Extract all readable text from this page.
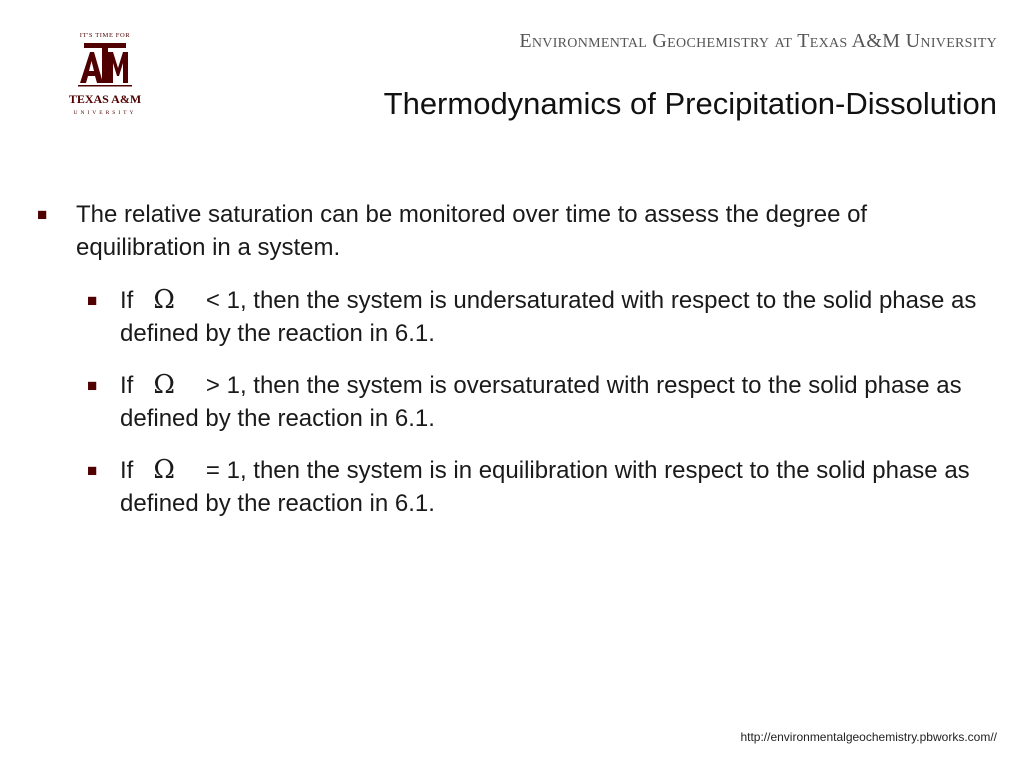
IT'S TIME FOR
TEXAS A&M
UNIVERSITY
Environmental Geochemistry at Texas A&M University
Thermodynamics of Precipitation-Dissolution
■ The relative saturation can be monitored over time to assess the degree of equilibration in a system.
■ If Ω < 1, then the system is undersaturated with respect to the solid phase as defined by the reaction in 6.1.
■ If Ω > 1, then the system is oversaturated with respect to the solid phase as defined by the reaction in 6.1.
■ If Ω = 1, then the system is in equilibration with respect to the solid phase as defined by the reaction in 6.1.
http://environmentalgeochemistry.pbworks.com//
